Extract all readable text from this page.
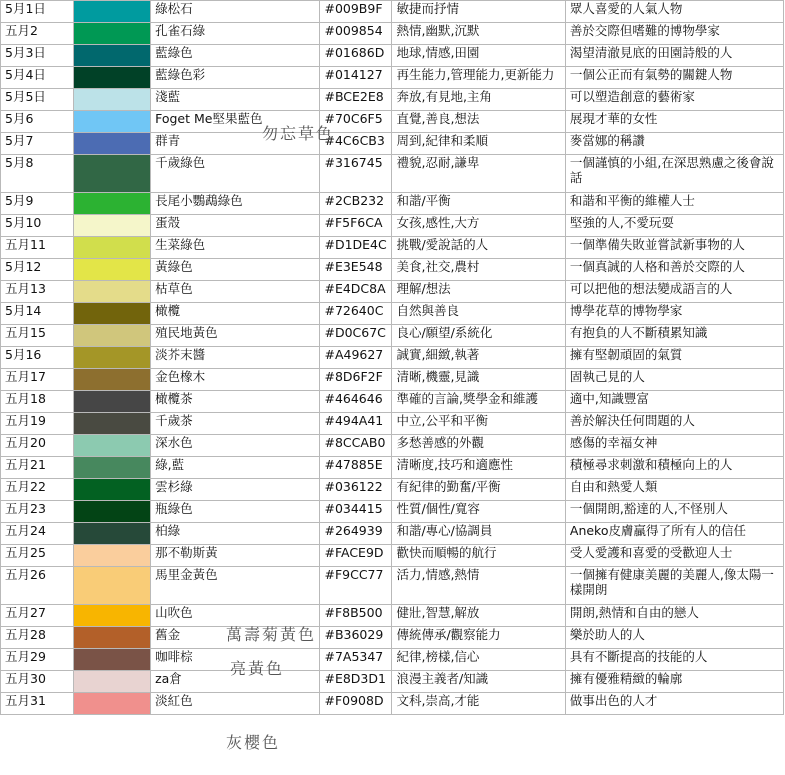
5月1日		綠松石	#009B9F	敏捷而抒情	眾人喜愛的人氣人物
五月2		孔雀石綠	#009854	熱情,幽默,沉默	善於交際但嗜難的博物學家
5月3日		藍綠色	#01686D	地球,情感,田園	渴望清澈見底的田園詩般的人
5月4日		藍綠色彩	#014127	再生能力,管理能力,更新能力	一個公正而有氣勢的關鍵人物
5月5日		淺藍	#BCE2E8	奔放,有見地,主角	可以塑造創意的藝術家
5月6		Foget Me堅果藍色	#70C6F5	直覺,善良,想法	展現才華的女性
5月7		群青	#4C6CB3	周到,紀律和柔順	麥當娜的稱讚
5月8		千歲綠色	#316745	禮貌,忍耐,謙卑	一個謹慎的小組,在深思熟慮之後會說話
5月9		長尾小鸚鵡綠色	#2CB232	和諧/平衡	和諧和平衡的維權人士
5月10		蛋殼	#F5F6CA	女孩,感性,大方	堅強的人,不愛玩耍
五月11		生菜綠色	#D1DE4C	挑戰/愛說話的人	一個準備失敗並嘗試新事物的人
5月12		黃綠色	#E3E548	美食,社交,農村	一個真誠的人格和善於交際的人
五月13		枯草色	#E4DC8A	理解/想法	可以把他的想法變成語言的人
5月14		橄欖	#72640C	自然與善良	博學花草的博物學家
五月15		殖民地黃色	#D0C67C	良心/願望/系統化	有抱負的人不斷積累知識
5月16		淡芥末醬	#A49627	誠實,細緻,執著	擁有堅韌頑固的氣質
五月17		金色橡木	#8D6F2F	清晰,機靈,見識	固執己見的人
五月18		橄欖茶	#464646	準確的言論,獎學金和維護	適中,知識豐富
五月19		千歲茶	#494A41	中立,公平和平衡	善於解決任何問題的人
五月20		深水色	#8CCAB0	多愁善感的外觀	感傷的幸福女神
五月21		綠,藍	#47885E	清晰度,技巧和適應性	積極尋求刺激和積極向上的人
五月22		雲杉綠	#036122	有紀律的勤奮/平衡	自由和熱愛人類
五月23		瓶綠色	#034415	性質/個性/寬容	一個開朗,豁達的人,不怪別人
五月24		柏綠	#264939	和諧/專心/協調員	Aneko皮膚贏得了所有人的信任
五月25		那不勒斯黃	#FACE9D	歡快而順暢的航行	受人愛護和喜愛的受歡迎人士
五月26		馬里金黃色	#F9CC77	活力,情感,熱情	一個擁有健康美麗的美麗人,像太陽一樣開朗
五月27		山吹色	#F8B500	健壯,智慧,解放	開朗,熱情和自由的戀人
五月28		舊金	#B36029	傳統傳承/觀察能力	樂於助人的人
五月29		咖啡棕	#7A5347	紀律,榜樣,信心	具有不斷提高的技能的人
五月30		za倉	#E8D3D1	浪漫主義者/知識	擁有優雅精緻的輪廓
五月31		淡紅色	#F0908D	文科,崇高,才能	做事出色的人才
勿忘草色
萬壽菊黃色
亮黃色
灰櫻色
